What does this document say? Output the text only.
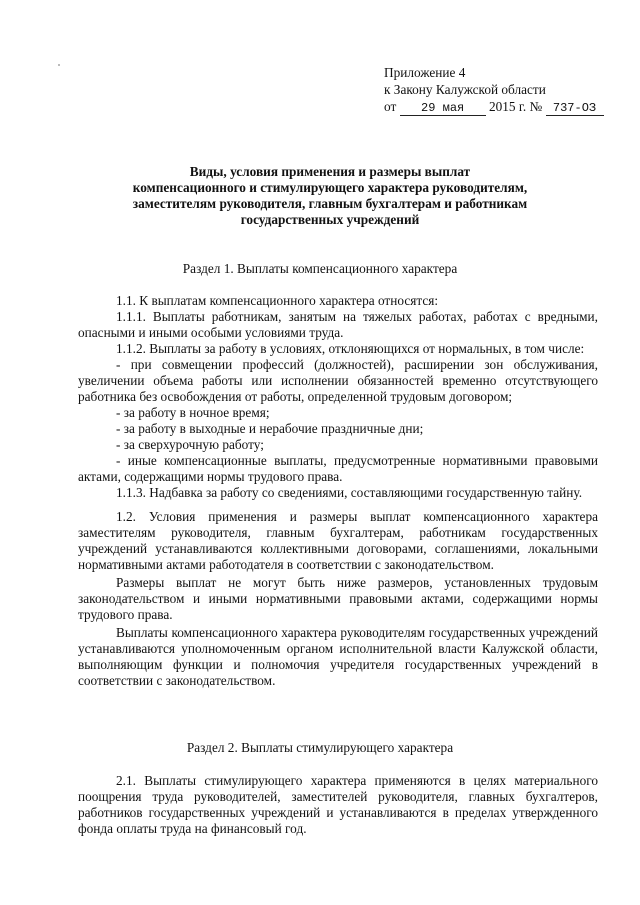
Приложение 4
к Закону Калужской области
от 29 мая 2015 г. № 737-ОЗ
Виды, условия применения и размеры выплат
компенсационного и стимулирующего характера руководителям,
заместителям руководителя, главным бухгалтерам и работникам
государственных учреждений
Раздел 1. Выплаты компенсационного характера

1.1. К выплатам компенсационного характера относятся:

1.1.1. Выплаты работникам, занятым на тяжелых работах, работах с вредными, опасными и иными особыми условиями труда.

1.1.2. Выплаты за работу в условиях, отклоняющихся от нормальных, в том числе:

- при совмещении профессий (должностей), расширении зон обслуживания, увеличении объема работы или исполнении обязанностей временно отсутствующего работника без освобождения от работы, определенной трудовым договором;

- за работу в ночное время;

- за работу в выходные и нерабочие праздничные дни;

- за сверхурочную работу;

- иные компенсационные выплаты, предусмотренные нормативными правовыми актами, содержащими нормы трудового права.

1.1.3. Надбавка за работу со сведениями, составляющими государственную тайну.

1.2. Условия применения и размеры выплат компенсационного характера заместителям руководителя, главным бухгалтерам, работникам государственных учреждений устанавливаются коллективными договорами, соглашениями, локальными нормативными актами работодателя в соответствии с законодательством.

Размеры выплат не могут быть ниже размеров, установленных трудовым законодательством и иными нормативными правовыми актами, содержащими нормы трудового права.

Выплаты компенсационного характера руководителям государственных учреждений устанавливаются уполномоченным органом исполнительной власти Калужской области, выполняющим функции и полномочия учредителя государственных учреждений в соответствии с законодательством.

Раздел 2. Выплаты стимулирующего характера

2.1. Выплаты стимулирующего характера применяются в целях материального поощрения труда руководителей, заместителей руководителя, главных бухгалтеров, работников государственных учреждений и устанавливаются в пределах утвержденного фонда оплаты труда на финансовый год.
